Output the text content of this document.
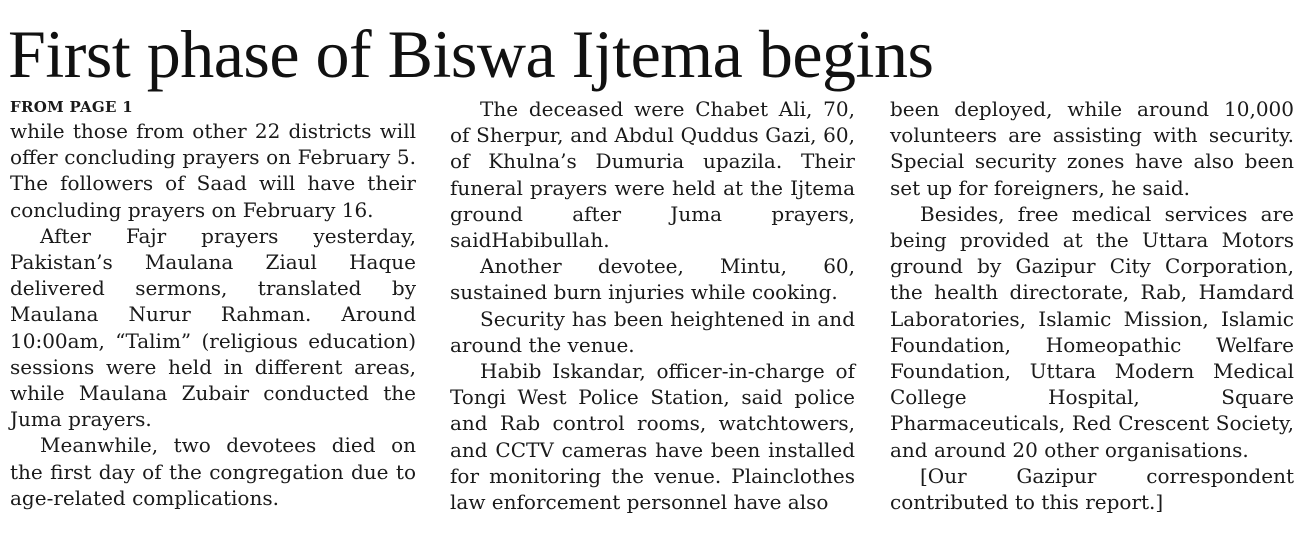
First phase of Biswa Ijtema begins
FROM PAGE 1

while those from other 22 districts will offer concluding prayers on February 5. The followers of Saad will have their concluding prayers on February 16.

After Fajr prayers yesterday, Pakistan’s Maulana Ziaul Haque delivered sermons, translated by Maulana Nurur Rahman. Around 10:00am, “Talim” (religious education) sessions were held in different areas, while Maulana Zubair conducted the Juma prayers.

Meanwhile, two devotees died on the first day of the congregation due to age-related complications.

The deceased were Chabet Ali, 70, of Sherpur, and Abdul Quddus Gazi, 60, of Khulna’s Dumuria upazila. Their funeral prayers were held at the Ijtema ground after Juma prayers, saidHabibullah.

Another devotee, Mintu, 60, sustained burn injuries while cooking.

Security has been heightened in and around the venue.

Habib Iskandar, officer-in-charge of Tongi West Police Station, said police and Rab control rooms, watchtowers, and CCTV cameras have been installed for monitoring the venue. Plainclothes law enforcement personnel have also

been deployed, while around 10,000 volunteers are assisting with security. Special security zones have also been set up for foreigners, he said.

Besides, free medical services are being provided at the Uttara Motors ground by Gazipur City Corporation, the health directorate, Rab, Hamdard Laboratories, Islamic Mission, Islamic Foundation, Homeopathic Welfare Foundation, Uttara Modern Medical College Hospital, Square Pharmaceuticals, Red Crescent Society, and around 20 other organisations.

[Our Gazipur correspondent contributed to this report.]
